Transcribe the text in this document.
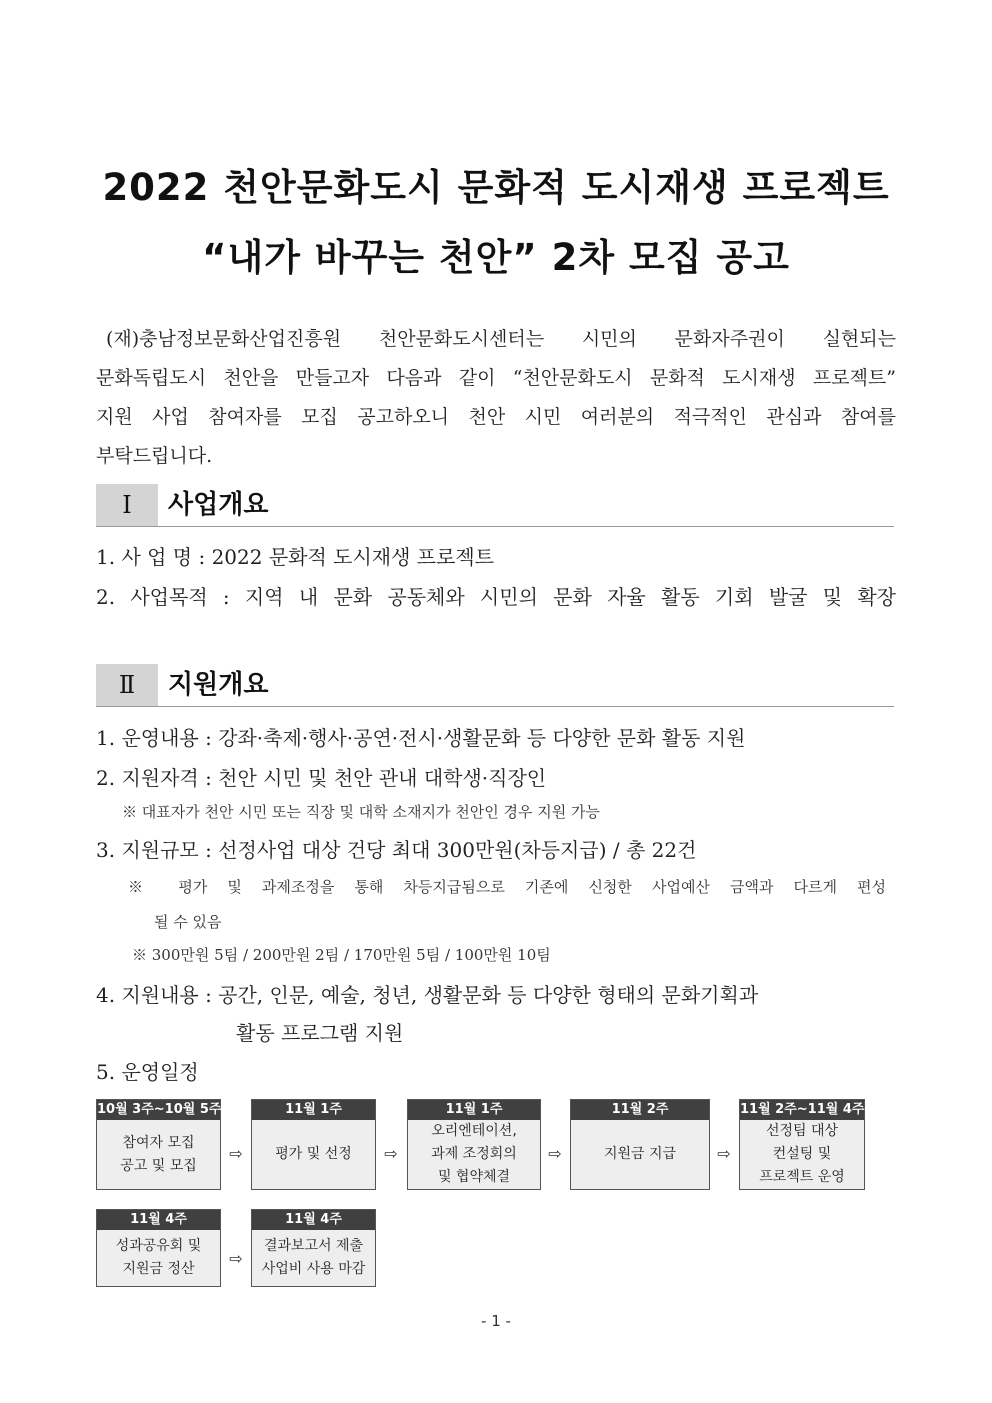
2022 천안문화도시 문화적 도시재생 프로젝트
“내가 바꾸는 천안” 2차 모집 공고
(재)충남정보문화산업진흥원 천안문화도시센터는 시민의 문화자주권이 실현되는
문화독립도시 천안을 만들고자 다음과 같이 “천안문화도시 문화적 도시재생 프로젝트”
지원 사업 참여자를 모집 공고하오니 천안 시민 여러분의 적극적인 관심과 참여를
부탁드립니다.
Ⅰ	사업개요
1. 사 업 명 : 2022 문화적 도시재생 프로젝트
2. 사업목적 : 지역 내 문화 공동체와 시민의 문화 자율 활동 기회 발굴 및 확장
Ⅱ	지원개요
1. 운영내용 : 강좌·축제·행사·공연·전시·생활문화 등 다양한 문화 활동 지원
2. 지원자격 : 천안 시민 및 천안 관내 대학생·직장인
※ 대표자가 천안 시민 또는 직장 및 대학 소재지가 천안인 경우 지원 가능
3. 지원규모 : 선정사업 대상 건당 최대 300만원(차등지급) / 총 22건
※ 평가 및 과제조정을 통해 차등지급됨으로 기존에 신청한 사업예산 금액과 다르게 편성
될 수 있음
※ 300만원 5팀 / 200만원 2팀 / 170만원 5팀 / 100만원 10팀
4. 지원내용 : 공간, 인문, 예술, 청년, 생활문화 등 다양한 형태의 문화기획과
활동 프로그램 지원
5. 운영일정
10월 3주~10월 5주
참여자 모집
공고 및 모집
⇨
11월 1주
평가 및 선정 ⇨
11월 1주
오리엔테이션,
과제 조정회의
및 협약체결
⇨
11월 2주
지원금 지급	⇨
11월 2주~11월 4주
선정팀 대상
컨설팅 및
프로젝트 운영
11월 4주
성과공유회 및
지원금 정산
⇨
11월 4주
결과보고서 제출
사업비 사용 마감
- 1 -
